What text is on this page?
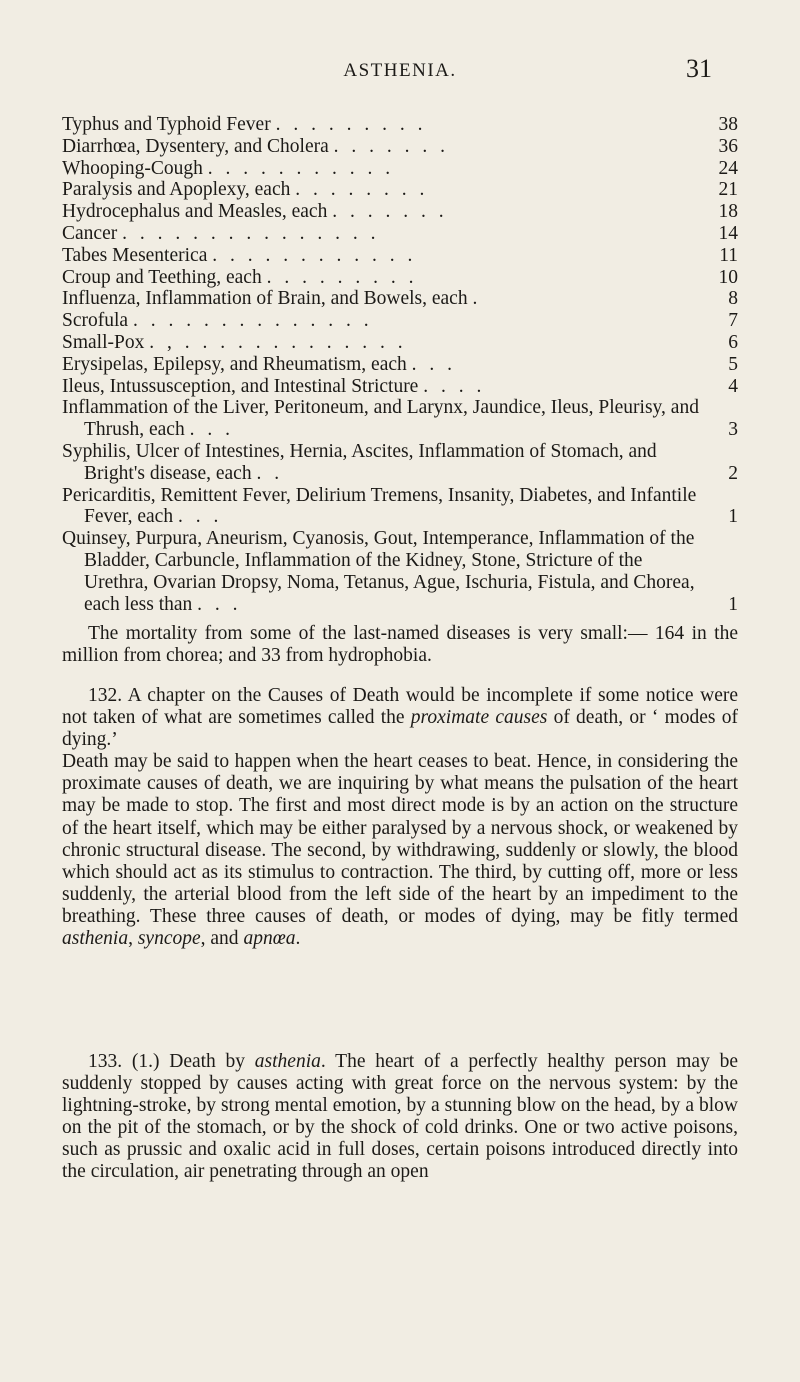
ASTHENIA.	31
Typhus and Typhoid Fever . . . . . . . . .	38
Diarrhœa, Dysentery, and Cholera . . . . . . .	36
Whooping-Cough . . . . . . . . . . .	24
Paralysis and Apoplexy, each . . . . . . . .	21
Hydrocephalus and Measles, each . . . . . . .	18
Cancer . . . . . . . . . . . . . . .	14
Tabes Mesenterica . . . . . . . . . . . .	11
Croup and Teething, each . . . . . . . . .	10
Influenza, Inflammation of Brain, and Bowels, each .	8
Scrofula . . . . . . . . . . . . . .	7
Small-Pox . , . . . . . . . . . . . . .	6
Erysipelas, Epilepsy, and Rheumatism, each . . .	5
Ileus, Intussusception, and Intestinal Stricture . . . .	4
Inflammation of the Liver, Peritoneum, and Larynx, Jaundice, Ileus, Pleurisy, and Thrush, each . . .	3
Syphilis, Ulcer of Intestines, Hernia, Ascites, Inflammation of Stomach, and Bright's disease, each . .	2
Pericarditis, Remittent Fever, Delirium Tremens, Insanity, Diabetes, and Infantile Fever, each . . .	1
Quinsey, Purpura, Aneurism, Cyanosis, Gout, Intemperance, Inflammation of the Bladder, Carbuncle, Inflammation of the Kidney, Stone, Stricture of the Urethra, Ovarian Dropsy, Noma, Tetanus, Ague, Ischuria, Fistula, and Chorea, each less than . . .	1

The mortality from some of the last-named diseases is very small:— 164 in the million from chorea; and 33 from hydrophobia.

132. A chapter on the Causes of Death would be incomplete if some notice were not taken of what are sometimes called the proximate causes of death, or ‘ modes of dying.’

Death may be said to happen when the heart ceases to beat. Hence, in considering the proximate causes of death, we are inquiring by what means the pulsation of the heart may be made to stop. The first and most direct mode is by an action on the structure of the heart itself, which may be either paralysed by a nervous shock, or weakened by chronic structural disease. The second, by withdrawing, suddenly or slowly, the blood which should act as its stimulus to contraction. The third, by cutting off, more or less suddenly, the arterial blood from the left side of the heart by an impediment to the breathing. These three causes of death, or modes of dying, may be fitly termed asthenia, syncope, and apnœa.

133. (1.) Death by asthenia. The heart of a perfectly healthy person may be suddenly stopped by causes acting with great force on the nervous system: by the lightning-stroke, by strong mental emotion, by a stunning blow on the head, by a blow on the pit of the stomach, or by the shock of cold drinks. One or two active poisons, such as prussic and oxalic acid in full doses, certain poisons introduced directly into the circulation, air penetrating through an open
